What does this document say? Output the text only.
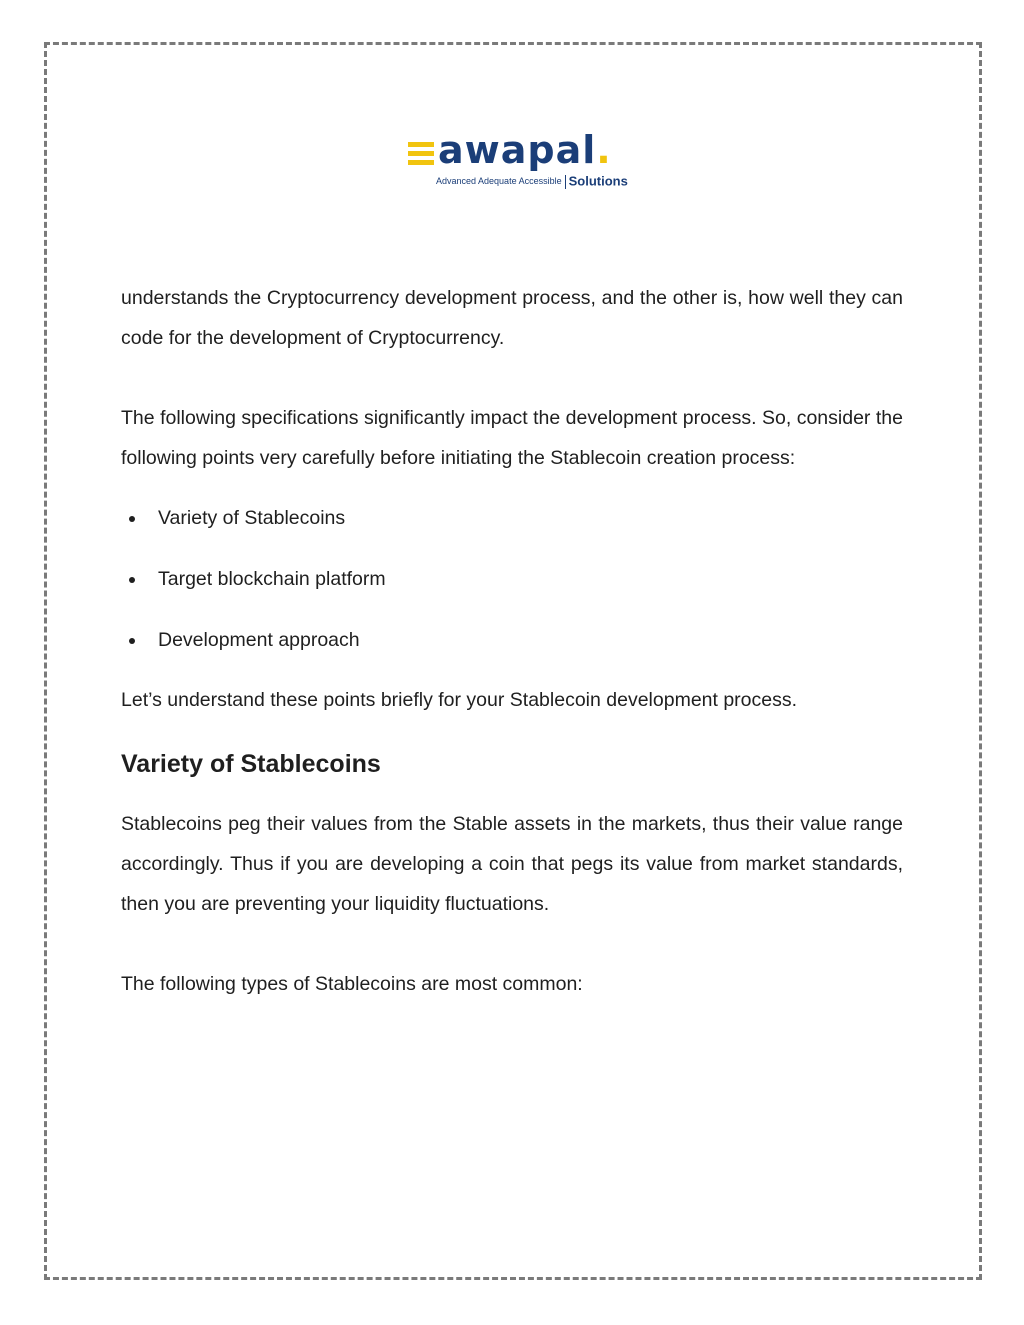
awapal.
Advanced Adequate Accessible Solutions

understands the Cryptocurrency development process, and the other is, how well they can code for the development of Cryptocurrency.

The following specifications significantly impact the development process. So, consider the following points very carefully before initiating the Stablecoin creation process:

Variety of Stablecoins
Target blockchain platform
Development approach

Let’s understand these points briefly for your Stablecoin development process.

Variety of Stablecoins

Stablecoins peg their values from the Stable assets in the markets, thus their value range accordingly. Thus if you are developing a coin that pegs its value from market standards, then you are preventing your liquidity fluctuations.

The following types of Stablecoins are most common:
